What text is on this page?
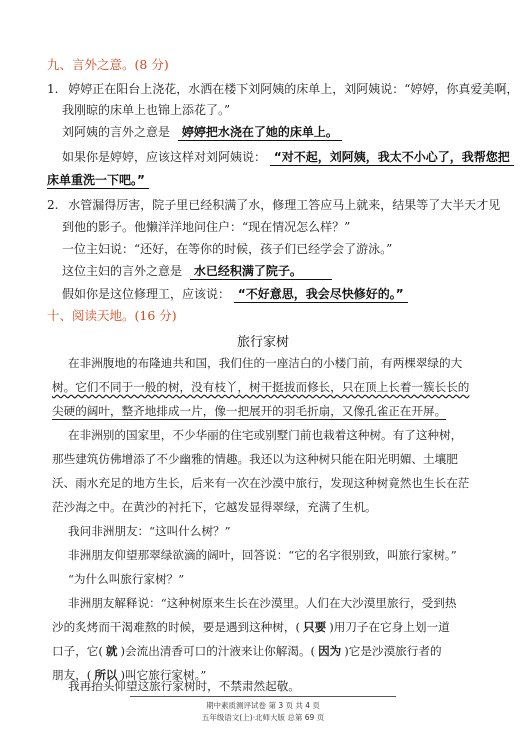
九、言外之意。(8 分)
1. 婷婷正在阳台上浇花，水洒在楼下刘阿姨的床单上，刘阿姨说：“婷婷，你真爱美啊，
我刚晾的床单上也锦上添花了。”
刘阿姨的言外之意是 婷婷把水浇在了她的床单上。
如果你是婷婷，应该这样对刘阿姨说： “对不起，刘阿姨，我太不小心了，我帮您把
床单重洗一下吧。”
2. 水管漏得厉害，院子里已经积满了水，修理工答应马上就来，结果等了大半天才见
到他的影子。他懒洋洋地问住户：“现在情况怎么样？”
一位主妇说：“还好，在等你的时候，孩子们已经学会了游泳。”
这位主妇的言外之意是 水已经积满了院子。
假如你是这位修理工，应该说： “不好意思，我会尽快修好的。”
十、阅读天地。(16 分)
旅行家树
在非洲腹地的布隆迪共和国，我们住的一座洁白的小楼门前，有两棵翠绿的大
树。它们不同于一般的树，没有枝丫，树干挺拔而修长，只在顶上长着一簇长长的
尖硬的阔叶，整齐地排成一片，像一把展开的羽毛折扇，又像孔雀正在开屏。
在非洲别的国家里，不少华丽的住宅或别墅门前也栽着这种树。有了这种树，
那些建筑仿佛增添了不少幽雅的情趣。我还以为这种树只能在阳光明媚、土壤肥
沃、雨水充足的地方生长，后来有一次在沙漠中旅行，发现这种树竟然也生长在茫
茫沙海之中。在黄沙的衬托下，它越发显得翠绿，充满了生机。
我问非洲朋友：“这叫什么树？”
非洲朋友仰望那翠绿欲滴的阔叶，回答说：“它的名字很别致，叫旅行家树。”
“为什么叫旅行家树？”
非洲朋友解释说：“这种树原来生长在沙漠里。人们在大沙漠里旅行，受到热
沙的炙烤而干渴难熬的时候，要是遇到这种树，( 只要 )用刀子在它身上划一道
口子，它( 就 )会流出清香可口的汁液来让你解渴。( 因为 )它是沙漠旅行者的
朋友，( 所以 )叫它旅行家树。”
期中素质测评试卷 第 3 页 共 4 页
五年级语文(上)·北师大版 总第 69 页
我再抬头仰望这旅行家树时，不禁肃然起敬。
